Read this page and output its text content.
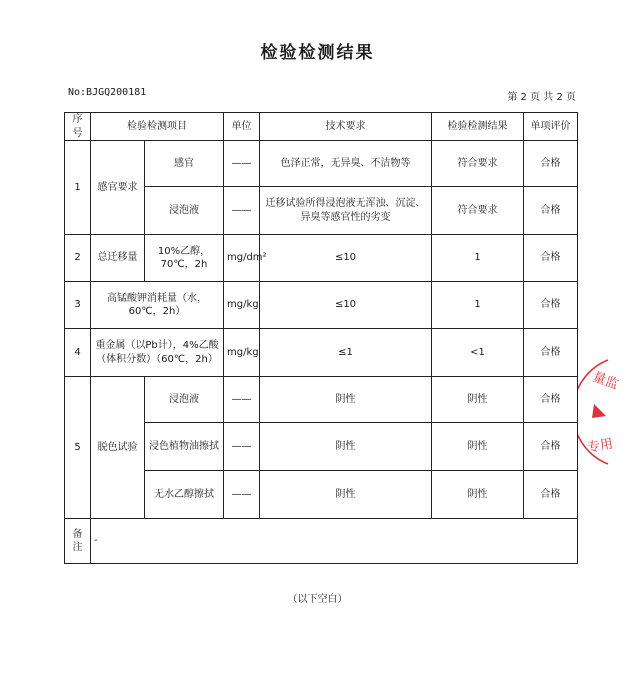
检验检测结果
No:BJGQ200181	第 2 页 共 2 页
序号	检验检测项目		单位	技术要求	检验检测结果	单项评价
1	感官要求	感官	——	色泽正常，无异臭、不洁物等	符合要求	合格
		浸泡液	——	迁移试验所得浸泡液无浑浊、沉淀、异臭等感官性的劣变	符合要求	合格
2	总迁移量	10%乙醇，70℃，2h	mg/dm²	≤10	1	合格
3	高锰酸钾消耗量（水，60℃，2h）		mg/kg	≤10	1	合格
4	重金属（以Pb计），4%乙酸（体积分数）（60℃，2h）		mg/kg	≤1	<1	合格
5	脱色试验	浸泡液	——	阴性	阴性	合格
		浸色植物油擦拭	——	阴性	阴性	合格
		无水乙醇擦拭	——	阴性	阴性	合格
备注	-					
（以下空白）
量监
专用
